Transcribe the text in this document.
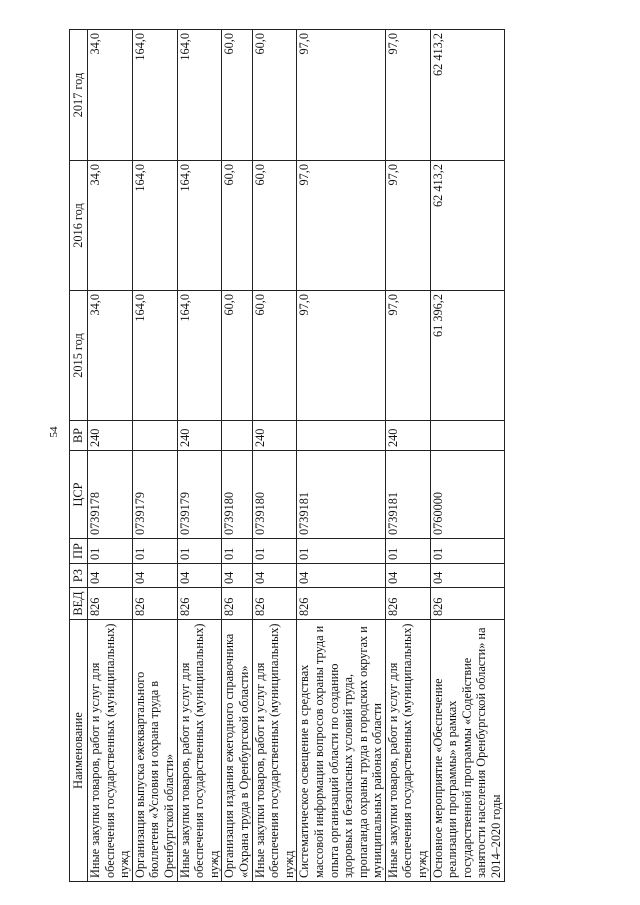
54
Наименование	ВЕД	РЗ	ПР	ЦСР	ВР	2015 год	2016 год	2017 год
Иные закупки товаров, работ и услуг для обеспечения государственных (муниципальных) нужд	826	04	01	0739178	240	34,0	34,0	34,0
Организация выпуска ежеквартального бюллетеня «Условия и охрана труда в Оренбургской области»	826	04	01	0739179		164,0	164,0	164,0
Иные закупки товаров, работ и услуг для обеспечения государственных (муниципальных) нужд	826	04	01	0739179	240	164,0	164,0	164,0
Организация издания ежегодного справочника «Охрана труда в Оренбургской области»	826	04	01	0739180		60,0	60,0	60,0
Иные закупки товаров, работ и услуг для обеспечения государственных (муниципальных) нужд	826	04	01	0739180	240	60,0	60,0	60,0
Систематическое освещение в средствах массовой информации вопросов охраны труда и опыта организаций области по созданию здоровых и безопасных условий труда, пропаганда охраны труда в городских округах и муниципальных районах области	826	04	01	0739181		97,0	97,0	97,0
Иные закупки товаров, работ и услуг для обеспечения государственных (муниципальных) нужд	826	04	01	0739181	240	97,0	97,0	97,0
Основное мероприятие «Обеспечение реализации программы» в рамках государственной программы «Содействие занятости населения Оренбургской области» на 2014–2020 годы	826	04	01	0760000		61 396,2	62 413,2	62 413,2
